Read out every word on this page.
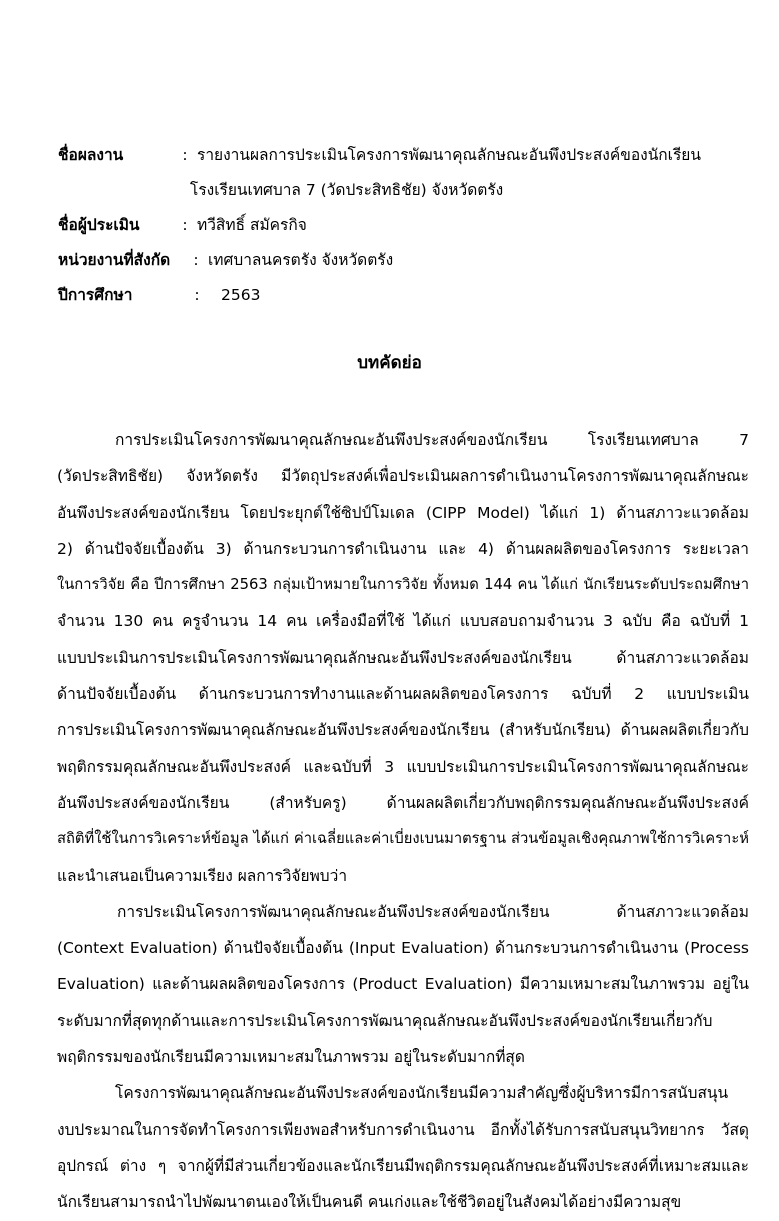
ชื่อผลงาน	: รายงานผลการประเมินโครงการพัฒนาคุณลักษณะอันพึงประสงค์ของนักเรียน
โรงเรียนเทศบาล 7 (วัดประสิทธิชัย) จังหวัดตรัง
ชื่อผู้ประเมิน	: ทวีสิทธิ์ สมัครกิจ
หน่วยงานที่สังกัด	: เทศบาลนครตรัง จังหวัดตรัง
ปีการศึกษา	:	2563
บทคัดย่อ
การประเมินโครงการพัฒนาคุณลักษณะอันพึงประสงค์ของนักเรียน โรงเรียนเทศบาล 7
(วัดประสิทธิชัย) จังหวัดตรัง มีวัตถุประสงค์เพื่อประเมินผลการดำเนินงานโครงการพัฒนาคุณลักษณะ
อันพึงประสงค์ของนักเรียน โดยประยุกต์ใช้ซิปป์โมเดล (CIPP Model) ได้แก่ 1) ด้านสภาวะแวดล้อม
2) ด้านปัจจัยเบื้องต้น 3) ด้านกระบวนการดำเนินงาน และ 4) ด้านผลผลิตของโครงการ ระยะเวลา
ในการวิจัย คือ ปีการศึกษา 2563 กลุ่มเป้าหมายในการวิจัย ทั้งหมด 144 คน ได้แก่ นักเรียนระดับประถมศึกษา
จำนวน 130 คน ครูจำนวน 14 คน เครื่องมือที่ใช้ ได้แก่ แบบสอบถามจำนวน 3 ฉบับ คือ ฉบับที่ 1
แบบประเมินการประเมินโครงการพัฒนาคุณลักษณะอันพึงประสงค์ของนักเรียน ด้านสภาวะแวดล้อม
ด้านปัจจัยเบื้องต้น ด้านกระบวนการทำงานและด้านผลผลิตของโครงการ ฉบับที่ 2 แบบประเมิน
การประเมินโครงการพัฒนาคุณลักษณะอันพึงประสงค์ของนักเรียน (สำหรับนักเรียน) ด้านผลผลิตเกี่ยวกับ
พฤติกรรมคุณลักษณะอันพึงประสงค์ และฉบับที่ 3 แบบประเมินการประเมินโครงการพัฒนาคุณลักษณะ
อันพึงประสงค์ของนักเรียน (สำหรับครู) ด้านผลผลิตเกี่ยวกับพฤติกรรมคุณลักษณะอันพึงประสงค์
สถิติที่ใช้ในการวิเคราะห์ข้อมูล ได้แก่ ค่าเฉลี่ยและค่าเบี่ยงเบนมาตรฐาน ส่วนข้อมูลเชิงคุณภาพใช้การวิเคราะห์
และนำเสนอเป็นความเรียง ผลการวิจัยพบว่า
การประเมินโครงการพัฒนาคุณลักษณะอันพึงประสงค์ของนักเรียน ด้านสภาวะแวดล้อม
(Context Evaluation) ด้านปัจจัยเบื้องต้น (Input Evaluation) ด้านกระบวนการดำเนินงาน (Process
Evaluation) และด้านผลผลิตของโครงการ (Product Evaluation) มีความเหมาะสมในภาพรวม อยู่ใน
ระดับมากที่สุดทุกด้านและการประเมินโครงการพัฒนาคุณลักษณะอันพึงประสงค์ของนักเรียนเกี่ยวกับ
พฤติกรรมของนักเรียนมีความเหมาะสมในภาพรวม อยู่ในระดับมากที่สุด
โครงการพัฒนาคุณลักษณะอันพึงประสงค์ของนักเรียนมีความสำคัญซึ่งผู้บริหารมีการสนับสนุน
งบประมาณในการจัดทำโครงการเพียงพอสำหรับการดำเนินงาน อีกทั้งได้รับการสนับสนุนวิทยากร วัสดุ
อุปกรณ์ ต่าง ๆ จากผู้ที่มีส่วนเกี่ยวข้องและนักเรียนมีพฤติกรรมคุณลักษณะอันพึงประสงค์ที่เหมาะสมและ
นักเรียนสามารถนำไปพัฒนาตนเองให้เป็นคนดี คนเก่งและใช้ชีวิตอยู่ในสังคมได้อย่างมีความสุข
